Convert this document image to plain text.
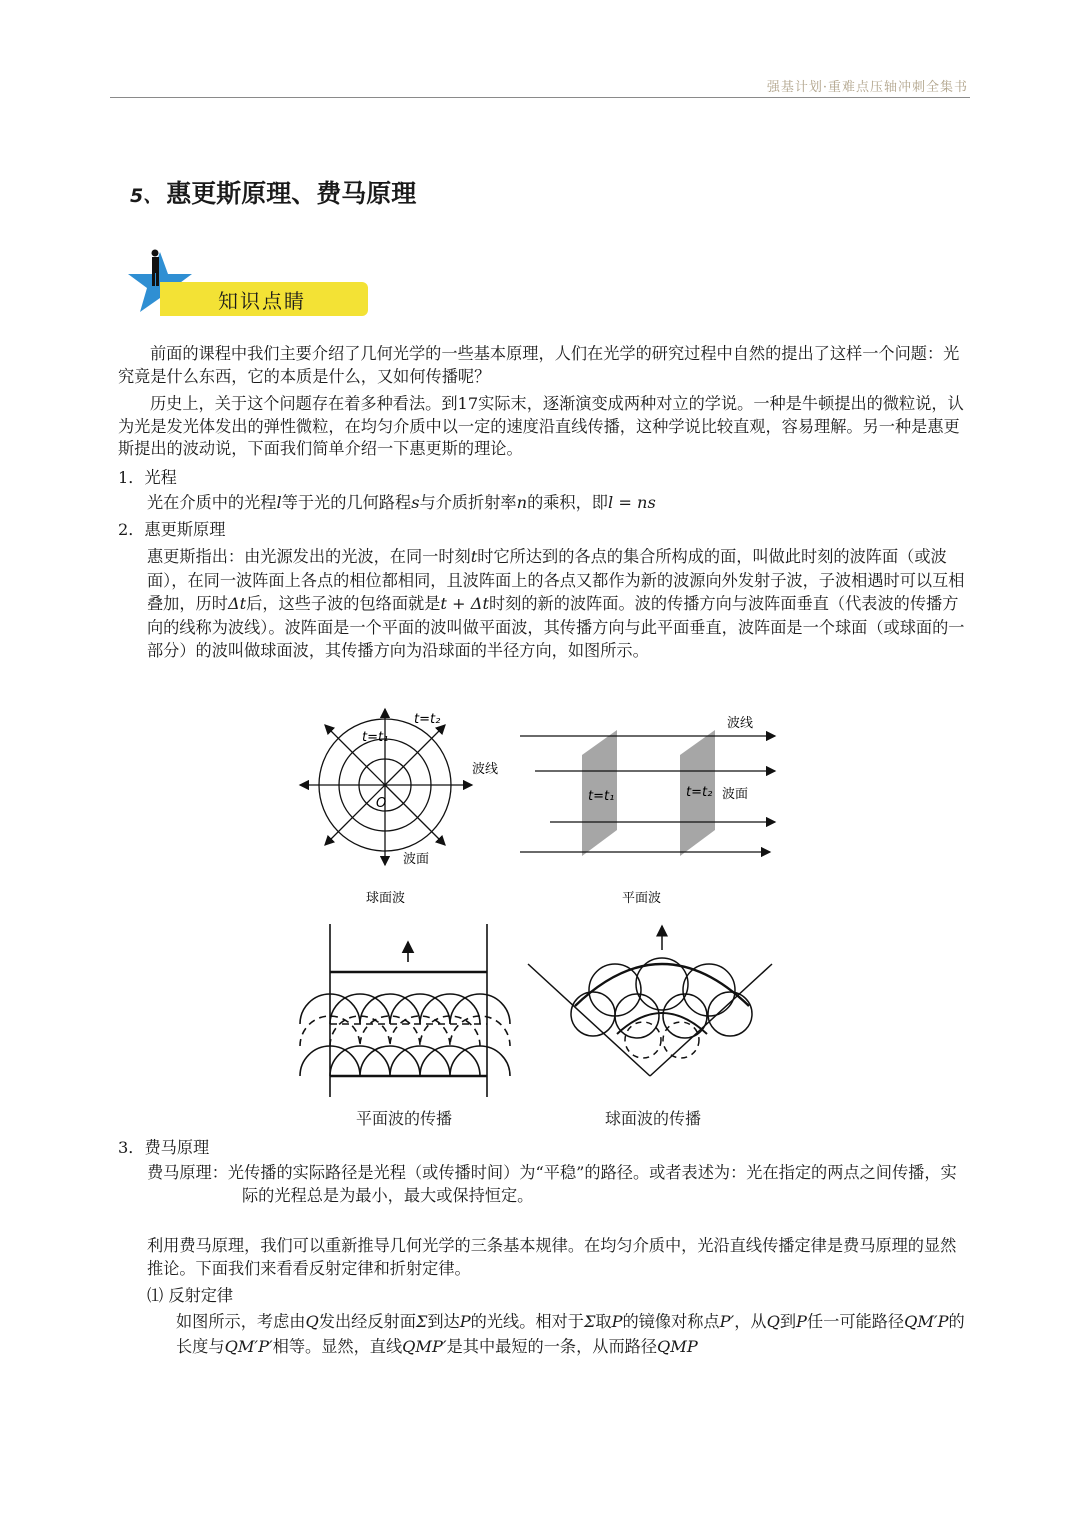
强基计划·重难点压轴冲刺全集书
5、 惠更斯原理、费马原理
知识点睛
前面的课程中我们主要介绍了几何光学的一些基本原理，人们在光学的研究过程中自然的提出了这样一个问题：光究竟是什么东西，它的本质是什么，又如何传播呢？
历史上，关于这个问题存在着多种看法。到17实际末，逐渐演变成两种对立的学说。一种是牛顿提出的微粒说，认为光是发光体发出的弹性微粒，在均匀介质中以一定的速度沿直线传播，这种学说比较直观，容易理解。另一种是惠更斯提出的波动说，下面我们简单介绍一下惠更斯的理论。
1．光程
光在介质中的光程l等于光的几何路程s与介质折射率n的乘积，即l = ns
2．惠更斯原理
惠更斯指出：由光源发出的光波，在同一时刻t时它所达到的各点的集合所构成的面，叫做此时刻的波阵面（或波面），在同一波阵面上各点的相位都相同，且波阵面上的各点又都作为新的波源向外发射子波，子波相遇时可以互相叠加，历时Δt后，这些子波的包络面就是t + Δt时刻的新的波阵面。波的传播方向与波阵面垂直（代表波的传播方向的线称为波线）。波阵面是一个平面的波叫做平面波，其传播方向与此平面垂直，波阵面是一个球面（或球面的一部分）的波叫做球面波，其传播方向为沿球面的半径方向，如图所示。
t=t₂
t=t₁
O
波线
波面
球面波
波线
t=t₁	t=t₂ 波面
平面波
平面波的传播	球面波的传播
3．费马原理
费马原理：光传播的实际路径是光程（或传播时间）为“平稳”的路径。或者表述为：光在指定的两点之间传播，实际的光程总是为最小，最大或保持恒定。
利用费马原理，我们可以重新推导几何光学的三条基本规律。在均匀介质中，光沿直线传播定律是费马原理的显然推论。下面我们来看看反射定律和折射定律。
⑴ 反射定律
如图所示，考虑由Q发出经反射面Σ到达P的光线。相对于Σ取P的镜像对称点P′，从Q到P任一可能路径QM′P的长度与QM′P′相等。显然，直线QMP′是其中最短的一条，从而路径QMP
